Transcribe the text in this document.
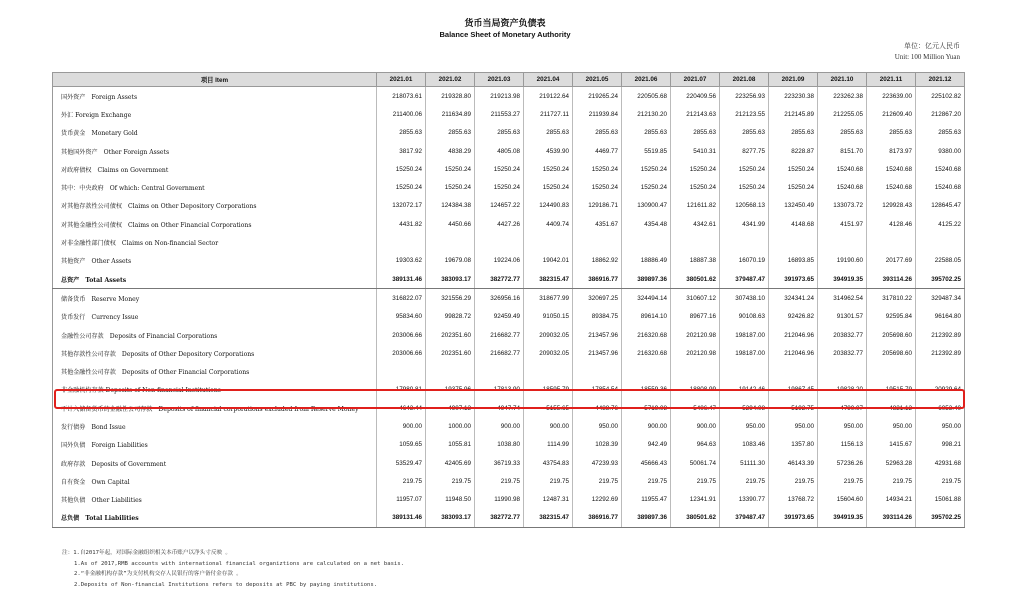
货币当局资产负债表
Balance Sheet of Monetary Authority
单位：亿元人民币
Unit: 100 Million Yuan
项目 Item	2021.01	2021.02	2021.03	2021.04	2021.05	2021.06	2021.07	2021.08	2021.09	2021.10	2021.11	2021.12
国外资产　Foreign Assets	218073.61	219328.80	219213.98	219122.64	219265.24	220505.68	220409.56	223256.93	223230.38	223262.38	223639.00	225102.82
外汇 Foreign Exchange	211400.06	211634.89	211553.27	211727.11	211939.84	212130.20	212143.63	212123.55	212145.89	212255.05	212609.40	212867.20
货币黄金　Monetary Gold	2855.63	2855.63	2855.63	2855.63	2855.63	2855.63	2855.63	2855.63	2855.63	2855.63	2855.63	2855.63
其他国外资产　Other Foreign Assets	3817.92	4838.29	4805.08	4539.90	4469.77	5519.85	5410.31	8277.75	8228.87	8151.70	8173.97	9380.00
对政府债权　Claims on Government	15250.24	15250.24	15250.24	15250.24	15250.24	15250.24	15250.24	15250.24	15250.24	15240.68	15240.68	15240.68
其中：中央政府　Of which: Central Government	15250.24	15250.24	15250.24	15250.24	15250.24	15250.24	15250.24	15250.24	15250.24	15240.68	15240.68	15240.68
对其他存款性公司债权　Claims on Other Depository Corporations	132072.17	124384.38	124657.22	124490.83	129186.71	130900.47	121611.82	120568.13	132450.49	133073.72	129928.43	128645.47
对其他金融性公司债权　Claims on Other Financial Corporations	4431.82	4450.66	4427.26	4409.74	4351.67	4354.48	4342.61	4341.99	4148.68	4151.97	4128.46	4125.22
对非金融性部门债权　Claims on Non-financial Sector												
其他资产　Other Assets	19303.62	19679.08	19224.06	19042.01	18862.92	18886.49	18887.38	16070.19	16893.85	19190.60	20177.69	22588.05
总资产　Total Assets	389131.46	383093.17	382772.77	382315.47	386916.77	389897.36	380501.62	379487.47	391973.65	394919.35	393114.26	395702.25
储备货币　Reserve Money	316822.07	321556.29	326956.16	318677.99	320697.25	324494.14	310607.12	307438.10	324341.24	314962.54	317810.22	329487.34
货币发行　Currency Issue	95834.60	99828.72	92459.49	91050.15	89384.75	89614.10	89677.16	90108.63	92426.82	91301.57	92595.84	96164.80
金融性公司存款　Deposits of Financial Corporations	203006.66	202351.60	216682.77	209032.05	213457.96	216320.68	202120.98	198187.00	212046.96	203832.77	205698.60	212392.89
其他存款性公司存款　Deposits of Other Depository Corporations	203006.66	202351.60	216682.77	209032.05	213457.96	216320.68	202120.98	198187.00	212046.96	203832.77	205698.60	212392.89
其他金融性公司存款　Deposits of Other Financial Corporations												
非金融机构存款 Deposits of Non-financial Institutions	17980.81	19375.96	17813.90	18595.79	17854.54	18559.36	18808.99	19142.46	19867.45	19828.20	19515.79	20929.64
不计入储备货币的金融性公司存款　Deposits of financial corporations excluded from Reserve Money	4643.44	4907.13	4947.74	5155.65	4488.76	5719.08	5406.47	5294.08	5192.75	4790.07	4821.12	6053.40
发行债券　Bond Issue	900.00	1000.00	900.00	900.00	950.00	900.00	900.00	950.00	950.00	950.00	950.00	950.00
国外负债　Foreign Liabilities	1059.65	1055.81	1038.80	1114.99	1028.39	942.49	964.63	1083.46	1357.80	1156.13	1415.67	998.21
政府存款　Deposits of Government	53529.47	42405.69	36719.33	43754.83	47239.93	45666.43	50061.74	51111.30	46143.39	57236.26	52963.28	42931.68
自有资金　Own Capital	219.75	219.75	219.75	219.75	219.75	219.75	219.75	219.75	219.75	219.75	219.75	219.75
其他负债　Other Liabilities	11957.07	11948.50	11990.98	12487.31	12292.69	11955.47	12341.91	13390.77	13768.72	15604.60	14934.21	15061.88
总负债　Total Liabilities	389131.46	383093.17	382772.77	382315.47	386916.77	389897.36	380501.62	379487.47	391973.65	394919.35	393114.26	395702.25
注：1.自2017年起，对国际金融组织相关本币账户以净头寸反映 。
1.As of 2017,RMB accounts with international financial organiztions are calculated on a net basis.
2.“非金融机构存款”为支付机构交存人民银行的客户备付金存款 。
2.Deposits of Non-financial Institutions refers to deposits at PBC by paying institutions.
